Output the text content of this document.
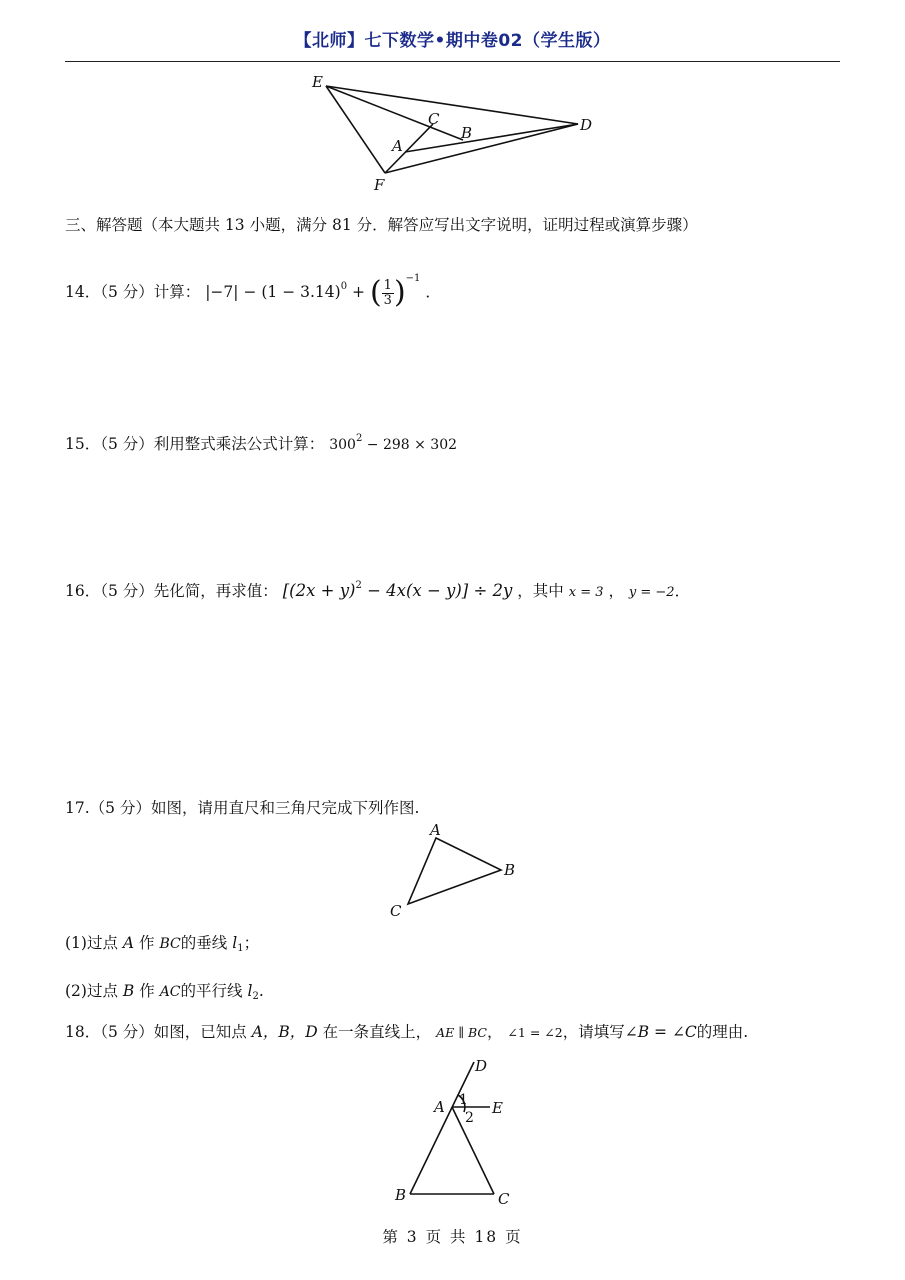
【北师】七下数学•期中卷02（学生版）
E
C
B	D
A
F
三、解答题（本大题共 13 小题，满分 81 分．解答应写出文字说明，证明过程或演算步骤）
14．（5 分）计算： $|-7| - (1 - 3.14)^0$ + ( $\frac{1}{3} )^{-1}$ ．
15．（5 分）利用整式乘法公式计算： $300^2 - 298 \times 302$
16．（5 分）先化简，再求值： $[(2x + y)^2 - 4x(x - y)] \div 2y$ ，其中 x = 3 ， y = −2．
17.（5 分）如图，请用直尺和三角尺完成下列作图.
A
B
C
(1)过点 A 作 BC的垂线 $l_1$；
(2)过点 B 作 AC的平行线 $l_2$.
18．（5 分）如图，已知点 A，B，D 在一条直线上， AE ∥ BC， ∠1 = ∠2，请填写∠B = ∠C的理由.
D
A	E
B	C
1
2
第 3 页 共 18 页
